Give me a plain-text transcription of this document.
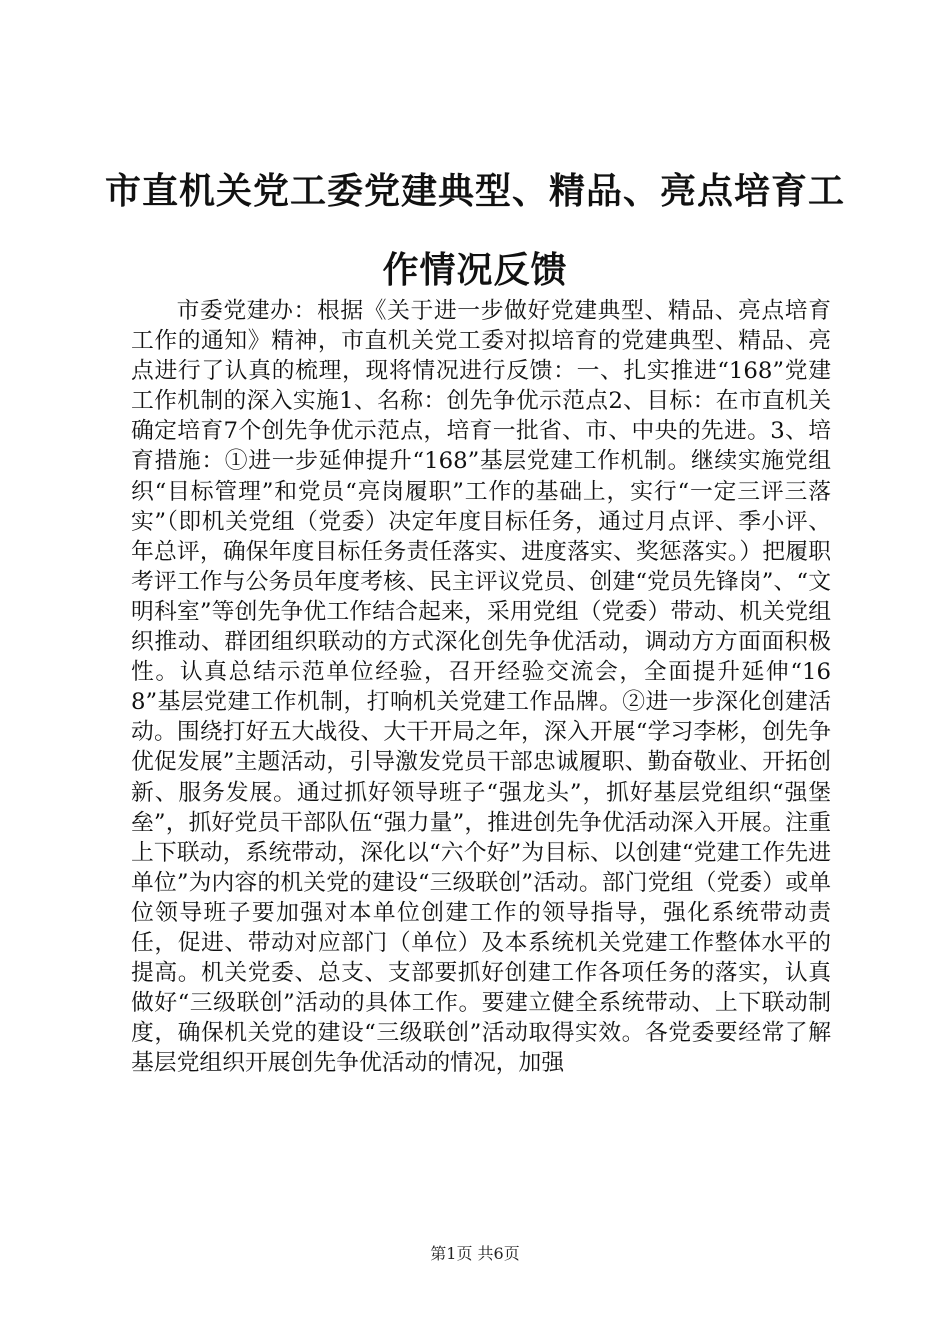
市直机关党工委党建典型、精品、亮点培育工
作情况反馈

市委党建办：根据《关于进一步做好党建典型、精品、亮点培育工作的通知》精神，市直机关党工委对拟培育的党建典型、精品、亮点进行了认真的梳理，现将情况进行反馈：一、扎实推进“168”党建工作机制的深入实施1、名称：创先争优示范点2、目标：在市直机关确定培育7个创先争优示范点，培育一批省、市、中央的先进。3、培育措施：①进一步延伸提升“168”基层党建工作机制。继续实施党组织“目标管理”和党员“亮岗履职”工作的基础上，实行“一定三评三落实”（即机关党组（党委）决定年度目标任务，通过月点评、季小评、年总评，确保年度目标任务责任落实、进度落实、奖惩落实。）把履职考评工作与公务员年度考核、民主评议党员、创建“党员先锋岗”、“文明科室”等创先争优工作结合起来，采用党组（党委）带动、机关党组织推动、群团组织联动的方式深化创先争优活动，调动方方面面积极性。认真总结示范单位经验，召开经验交流会，全面提升延伸“168”基层党建工作机制，打响机关党建工作品牌。②进一步深化创建活动。围绕打好五大战役、大干开局之年，深入开展“学习李彬，创先争优促发展”主题活动，引导激发党员干部忠诚履职、勤奋敬业、开拓创新、服务发展。通过抓好领导班子“强龙头”，抓好基层党组织“强堡垒”，抓好党员干部队伍“强力量”，推进创先争优活动深入开展。注重上下联动，系统带动，深化以“六个好”为目标、以创建“党建工作先进单位”为内容的机关党的建设“三级联创”活动。部门党组（党委）或单位领导班子要加强对本单位创建工作的领导指导，强化系统带动责任，促进、带动对应部门（单位）及本系统机关党建工作整体水平的提高。机关党委、总支、支部要抓好创建工作各项任务的落实，认真做好“三级联创”活动的具体工作。要建立健全系统带动、上下联动制度，确保机关党的建设“三级联创”活动取得实效。各党委要经常了解基层党组织开展创先争优活动的情况，加强

第1页 共6页
